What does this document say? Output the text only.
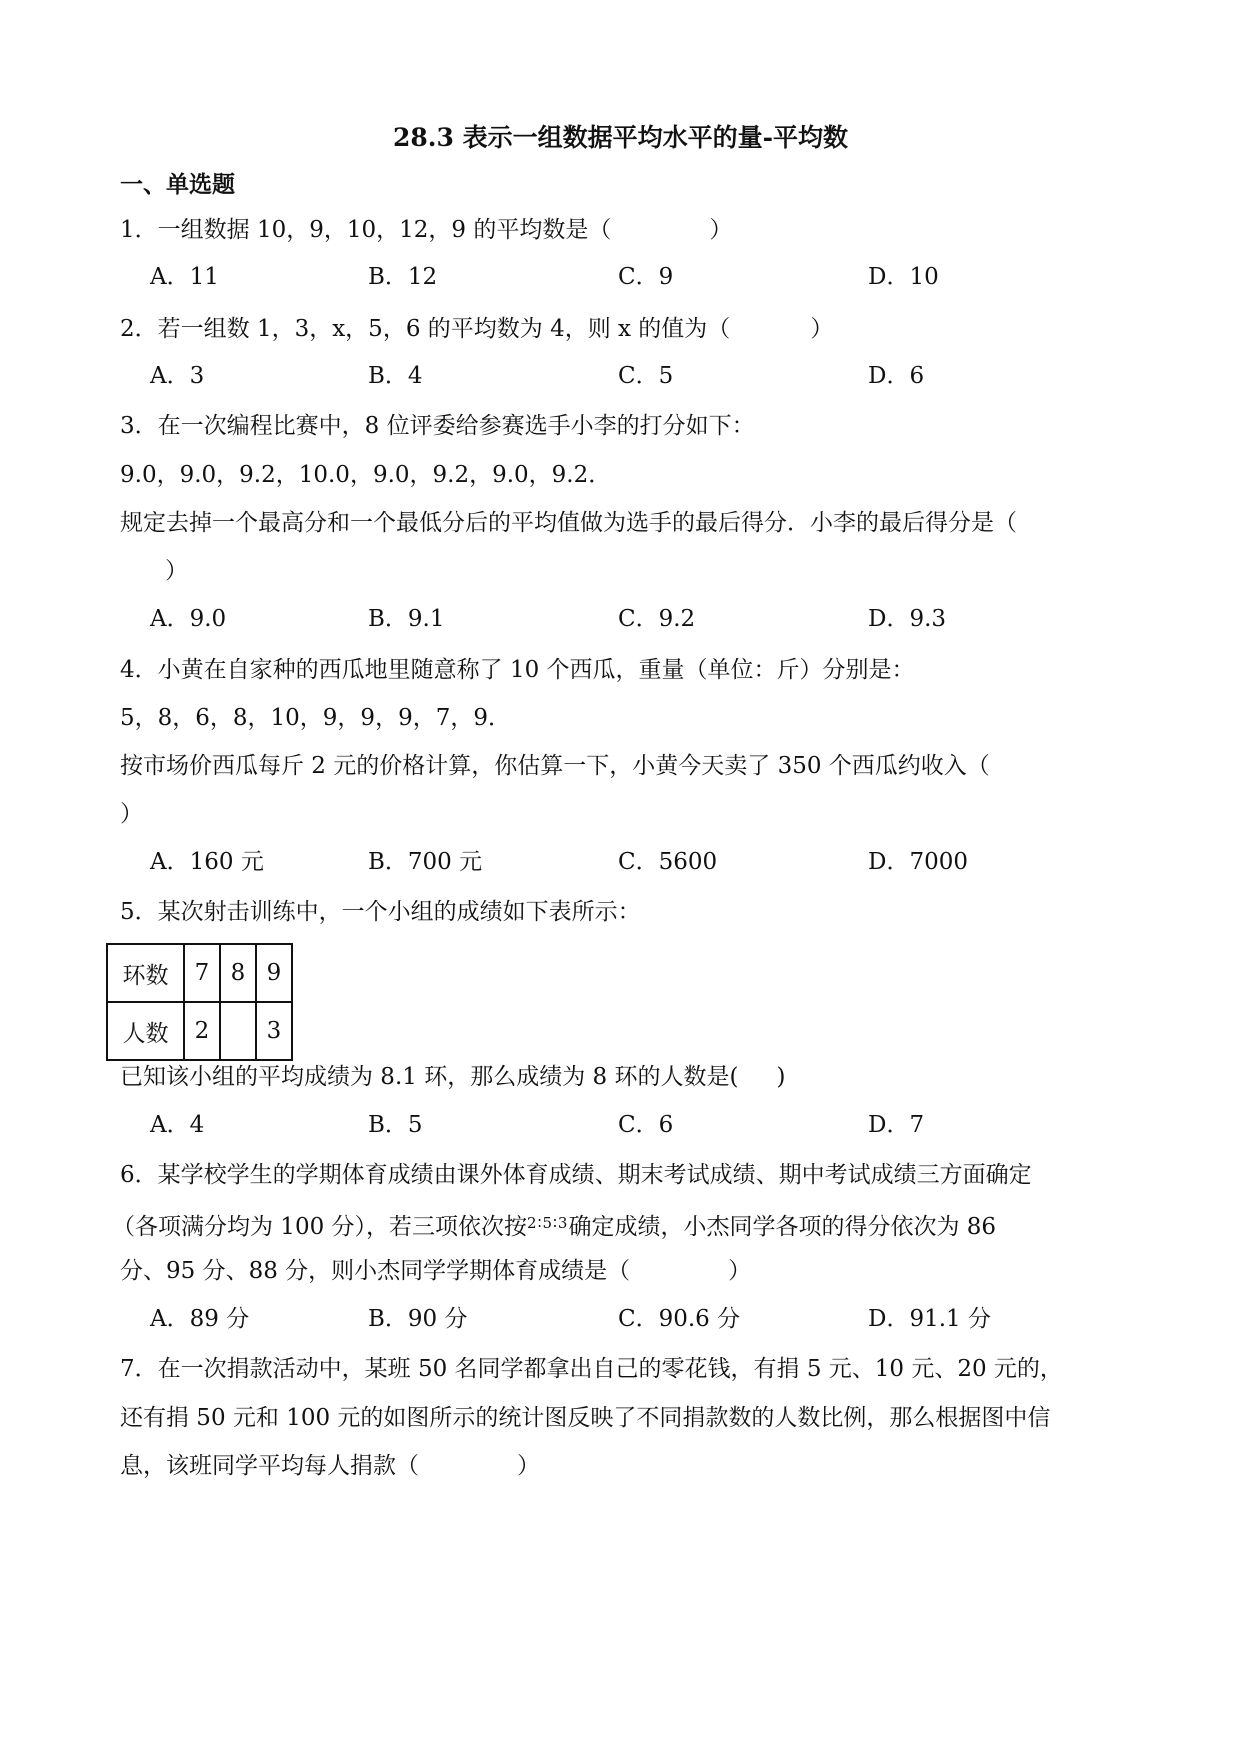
28.3 表示一组数据平均水平的量-平均数
一、单选题
1．一组数据 10，9，10，12，9 的平均数是（	）
A．11	B．12	C．9	D．10
2．若一组数 1，3，x，5，6 的平均数为 4，则 x 的值为（	）
A．3	B．4	C．5	D．6
3．在一次编程比赛中，8 位评委给参赛选手小李的打分如下：
9.0，9.0，9.2，10.0，9.0，9.2，9.0，9.2．
规定去掉一个最高分和一个最低分后的平均值做为选手的最后得分．小李的最后得分是（
）
A．9.0	B．9.1	C．9.2	D．9.3
4．小黄在自家种的西瓜地里随意称了 10 个西瓜，重量（单位：斤）分别是：
5，8，6，8，10，9，9，9，7，9．
按市场价西瓜每斤 2 元的价格计算，你估算一下，小黄今天卖了 350 个西瓜约收入（
）
A．160 元	B．700 元	C．5600	D．7000
5．某次射击训练中，一个小组的成绩如下表所示：
环数	7	8	9
人数	2		3
已知该小组的平均成绩为 8.1 环，那么成绩为 8 环的人数是( )
A．4	B．5	C．6	D．7
6．某学校学生的学期体育成绩由课外体育成绩、期末考试成绩、期中考试成绩三方面确定
（各项满分均为 100 分），若三项依次按$^{2∶5∶3}$确定成绩，小杰同学各项的得分依次为 86
分、95 分、88 分，则小杰同学学期体育成绩是（	）
A．89 分	B．90 分	C．90.6 分	D．91.1 分
7．在一次捐款活动中，某班 50 名同学都拿出自己的零花钱，有捐 5 元、10 元、20 元的，
还有捐 50 元和 100 元的如图所示的统计图反映了不同捐款数的人数比例，那么根据图中信
息，该班同学平均每人捐款（	）
